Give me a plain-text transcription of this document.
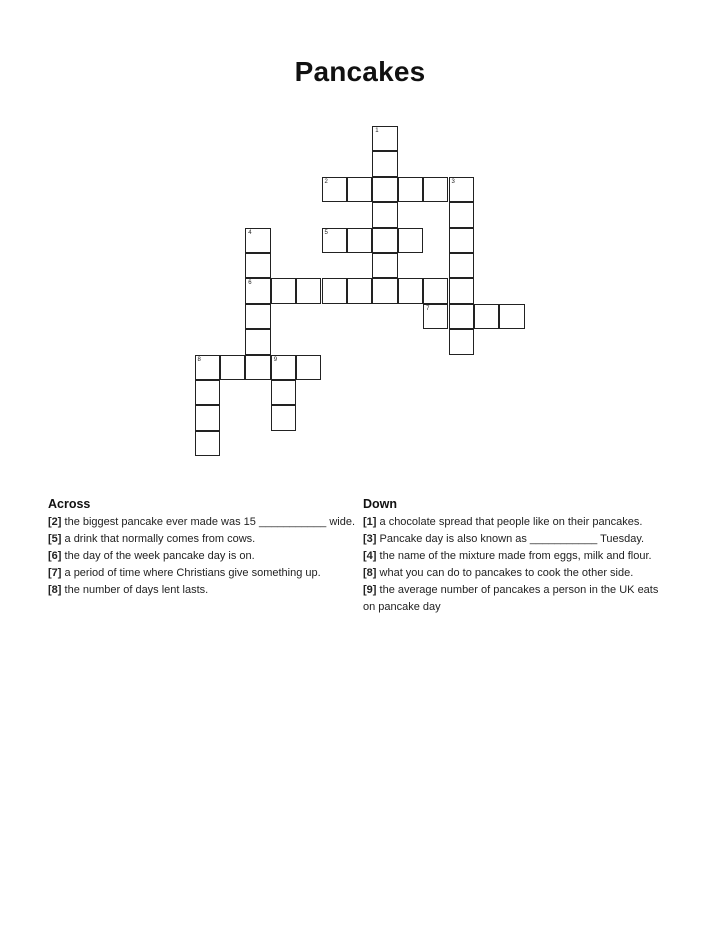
Pancakes
1
2	3
4
6
5
7
8	9
Across

[2] the biggest pancake ever made was 15 ___________ wide.

[5] a drink that normally comes from cows.

[6] the day of the week pancake day is on.

[7] a period of time where Christians give something up.

[8] the number of days lent lasts.

Down

[1] a chocolate spread that people like on their pancakes.

[3] Pancake day is also known as ___________ Tuesday.

[4] the name of the mixture made from eggs, milk and flour.

[8] what you can do to pancakes to cook the other side.

[9] the average number of pancakes a person in the UK eats on pancake day
